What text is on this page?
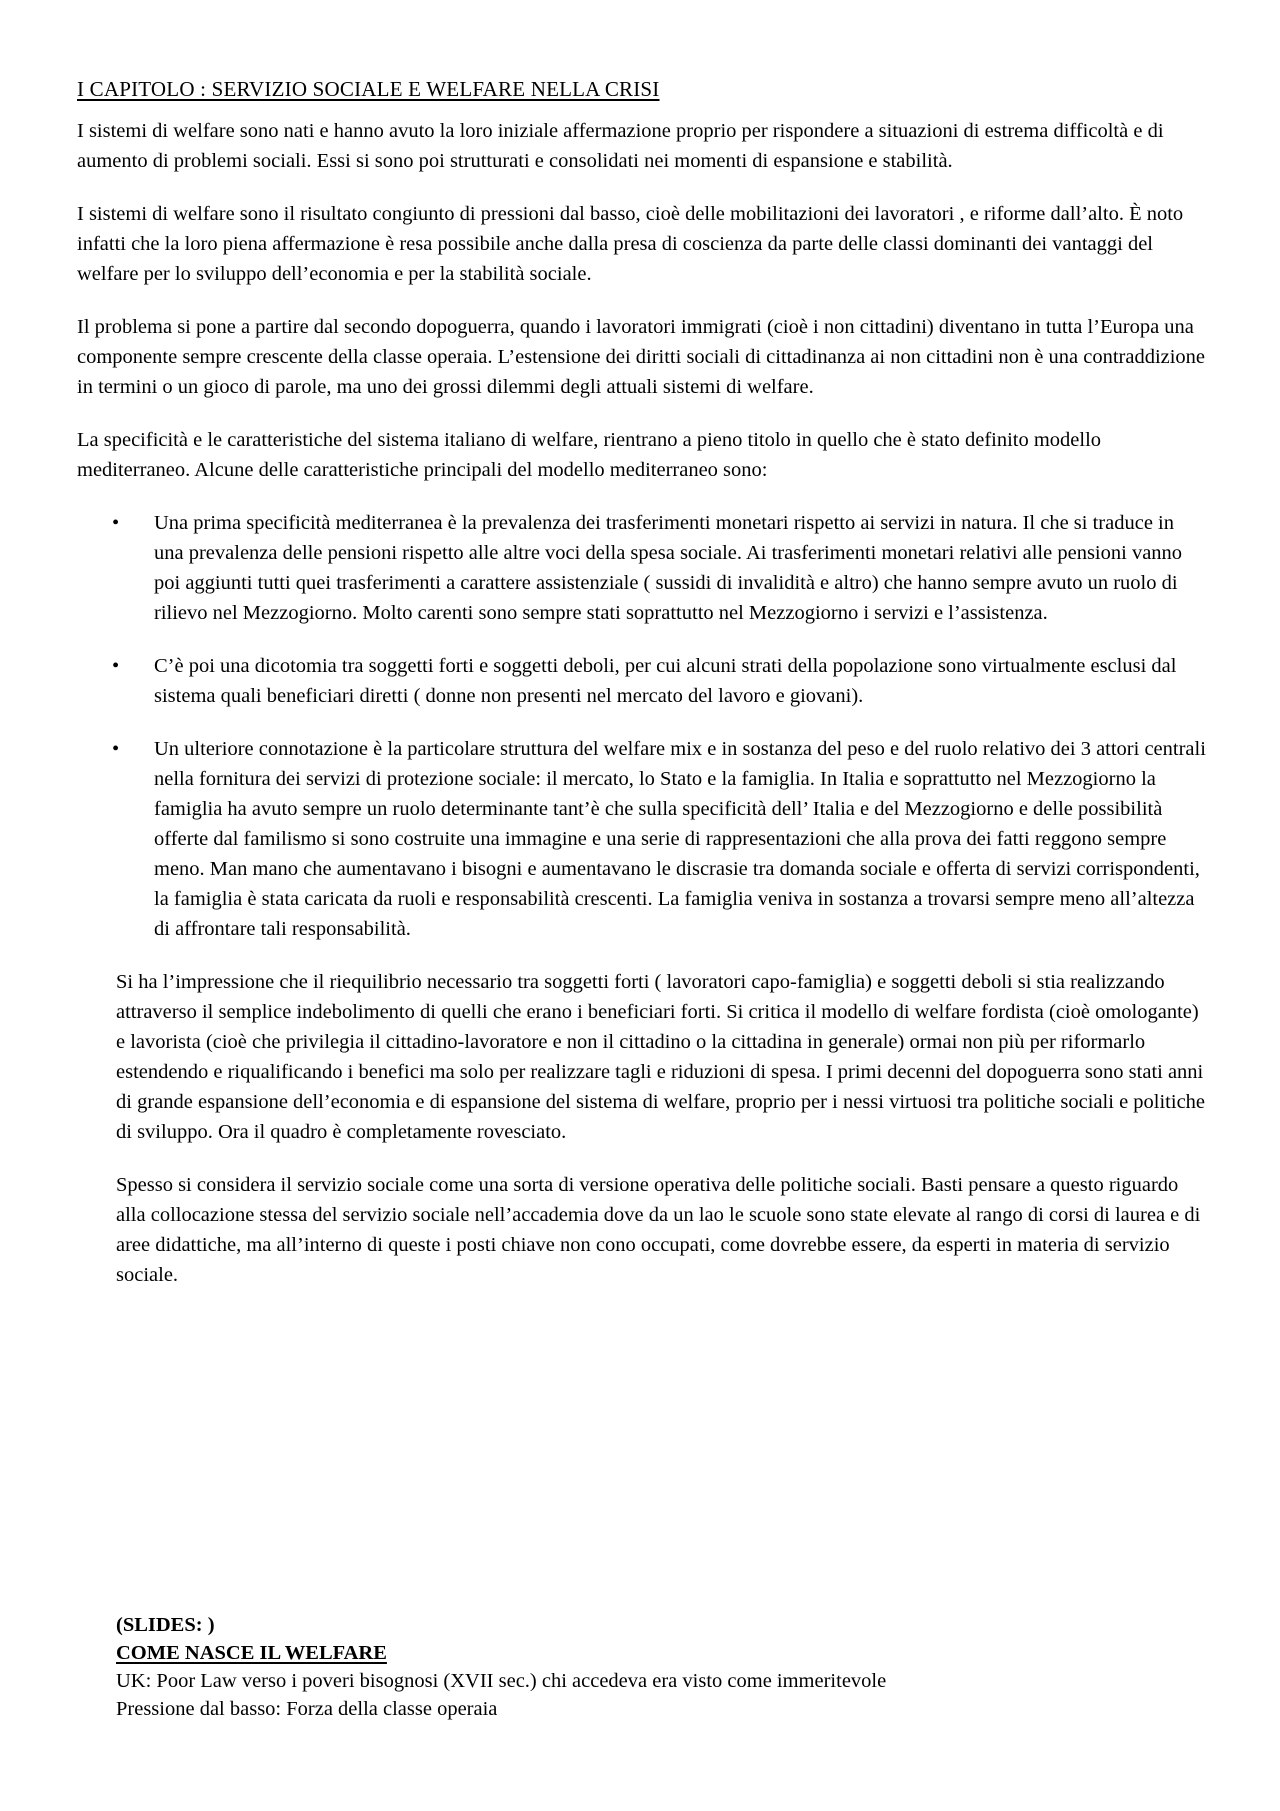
I CAPITOLO : SERVIZIO SOCIALE E WELFARE NELLA CRISI

I sistemi di welfare sono nati e hanno avuto la loro iniziale affermazione proprio per rispondere a situazioni di estrema difficoltà e di aumento di problemi sociali. Essi si sono poi strutturati e consolidati nei momenti di espansione e stabilità.

I sistemi di welfare sono il risultato congiunto di pressioni dal basso, cioè delle mobilitazioni dei lavoratori , e riforme dall’alto. È noto infatti che la loro piena affermazione è resa possibile anche dalla presa di coscienza da parte delle classi dominanti dei vantaggi del welfare per lo sviluppo dell’economia e per la stabilità sociale.

Il problema si pone a partire dal secondo dopoguerra, quando i lavoratori immigrati (cioè i non cittadini) diventano in tutta l’Europa una componente sempre crescente della classe operaia. L’estensione dei diritti sociali di cittadinanza ai non cittadini non è una contraddizione in termini o un gioco di parole, ma uno dei grossi dilemmi degli attuali sistemi di welfare.

La specificità e le caratteristiche del sistema italiano di welfare, rientrano a pieno titolo in quello che è stato definito modello mediterraneo. Alcune delle caratteristiche principali del modello mediterraneo sono:

• Una prima specificità mediterranea è la prevalenza dei trasferimenti monetari rispetto ai servizi in natura. Il che si traduce in una prevalenza delle pensioni rispetto alle altre voci della spesa sociale. Ai trasferimenti monetari relativi alle pensioni vanno poi aggiunti tutti quei trasferimenti a carattere assistenziale ( sussidi di invalidità e altro) che hanno sempre avuto un ruolo di rilievo nel Mezzogiorno. Molto carenti sono sempre stati soprattutto nel Mezzogiorno i servizi e l’assistenza.
• C’è poi una dicotomia tra soggetti forti e soggetti deboli, per cui alcuni strati della popolazione sono virtualmente esclusi dal sistema quali beneficiari diretti ( donne non presenti nel mercato del lavoro e giovani).
• Un ulteriore connotazione è la particolare struttura del welfare mix e in sostanza del peso e del ruolo relativo dei 3 attori centrali nella fornitura dei servizi di protezione sociale: il mercato, lo Stato e la famiglia. In Italia e soprattutto nel Mezzogiorno la famiglia ha avuto sempre un ruolo determinante tant’è che sulla specificità dell’ Italia e del Mezzogiorno e delle possibilità offerte dal familismo si sono costruite una immagine e una serie di rappresentazioni che alla prova dei fatti reggono sempre meno. Man mano che aumentavano i bisogni e aumentavano le discrasie tra domanda sociale e offerta di servizi corrispondenti, la famiglia è stata caricata da ruoli e responsabilità crescenti. La famiglia veniva in sostanza a trovarsi sempre meno all’altezza di affrontare tali responsabilità.

Si ha l’impressione che il riequilibrio necessario tra soggetti forti ( lavoratori capo-famiglia) e soggetti deboli si stia realizzando attraverso il semplice indebolimento di quelli che erano i beneficiari forti. Si critica il modello di welfare fordista (cioè omologante) e lavorista (cioè che privilegia il cittadino-lavoratore e non il cittadino o la cittadina in generale) ormai non più per riformarlo estendendo e riqualificando i benefici ma solo per realizzare tagli e riduzioni di spesa. I primi decenni del dopoguerra sono stati anni di grande espansione dell’economia e di espansione del sistema di welfare, proprio per i nessi virtuosi tra politiche sociali e politiche di sviluppo. Ora il quadro è completamente rovesciato.

Spesso si considera il servizio sociale come una sorta di versione operativa delle politiche sociali. Basti pensare a questo riguardo alla collocazione stessa del servizio sociale nell’accademia dove da un lao le scuole sono state elevate al rango di corsi di laurea e di aree didattiche, ma all’interno di queste i posti chiave non cono occupati, come dovrebbe essere, da esperti in materia di servizio sociale.

(SLIDES: )
COME NASCE IL WELFARE
UK: Poor Law verso i poveri bisognosi (XVII sec.) chi accedeva era visto come immeritevole
Pressione dal basso: Forza della classe operaia
